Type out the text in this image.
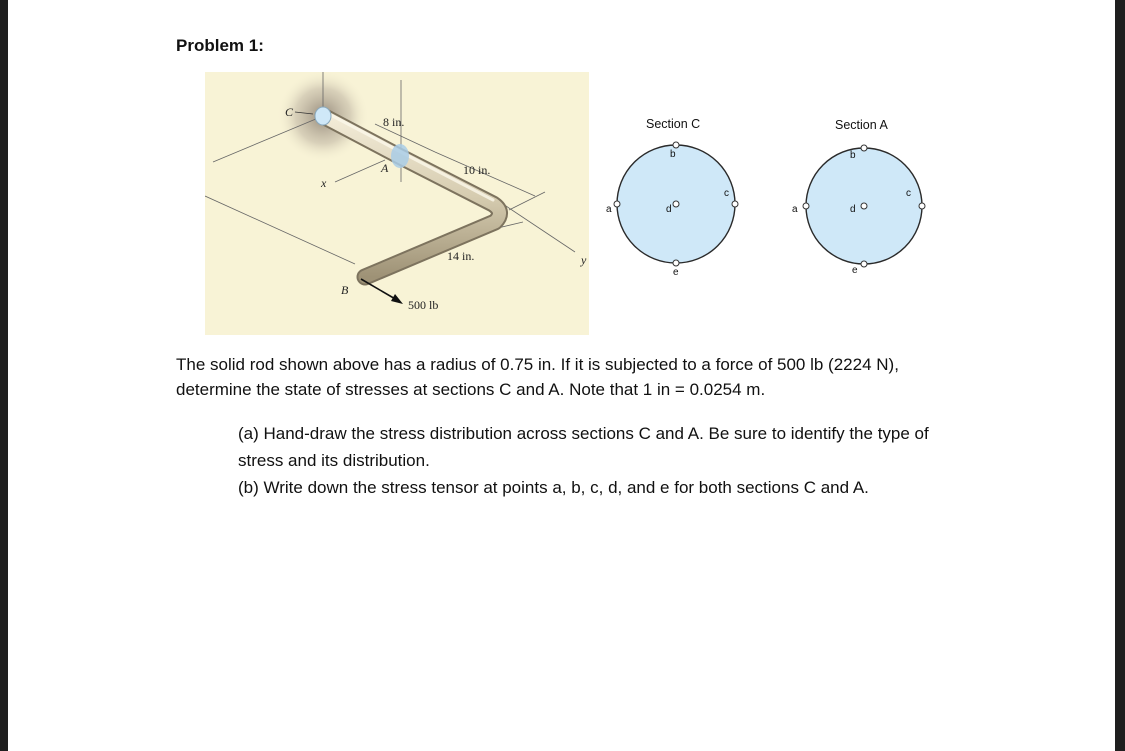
Problem 1:
C
A
B
x
y
8 in.
10 in.
14 in.
500 lb
Section C
a
b
c
d
e
Section A
a
b
c
d
e
The solid rod shown above has a radius of 0.75 in. If it is subjected to a force of 500 lb (2224 N), determine the state of stresses at sections C and A. Note that 1 in = 0.0254 m.
(a) Hand-draw the stress distribution across sections C and A. Be sure to identify the type of stress and its distribution.
(b) Write down the stress tensor at points a, b, c, d, and e for both sections C and A.
